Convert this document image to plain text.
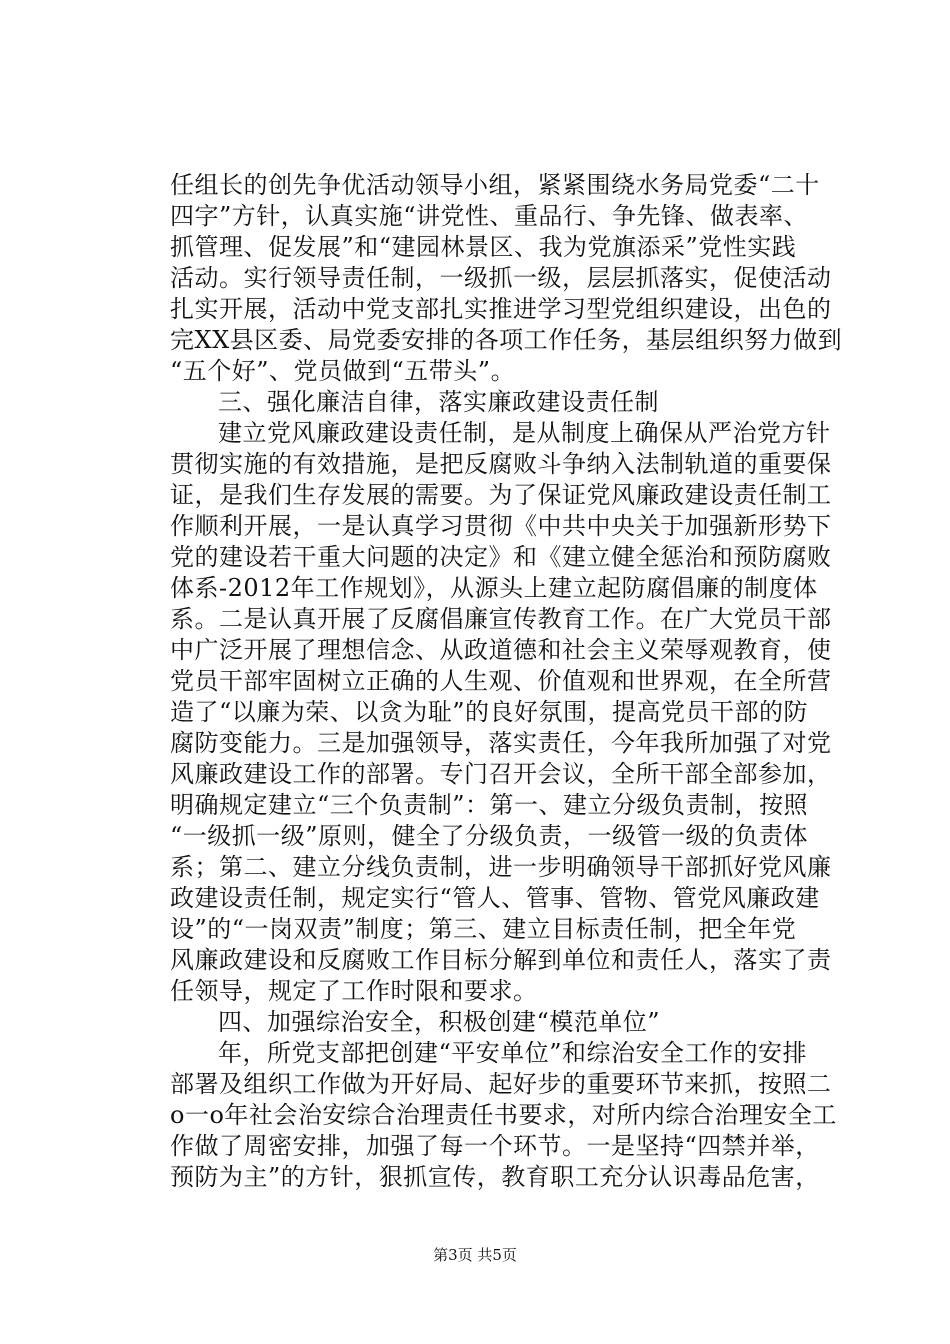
任组长的创先争优活动领导小组，紧紧围绕水务局党委“二十
四字”方针，认真实施“讲党性、重品行、争先锋、做表率、
抓管理、促发展”和“建园林景区、我为党旗添采”党性实践
活动。实行领导责任制，一级抓一级，层层抓落实，促使活动
扎实开展，活动中党支部扎实推进学习型党组织建设，出色的
完XX县区委、局党委安排的各项工作任务，基层组织努力做到
“五个好”、党员做到“五带头”。
三、强化廉洁自律，落实廉政建设责任制
建立党风廉政建设责任制，是从制度上确保从严治党方针
贯彻实施的有效措施，是把反腐败斗争纳入法制轨道的重要保
证，是我们生存发展的需要。为了保证党风廉政建设责任制工
作顺利开展，一是认真学习贯彻《中共中央关于加强新形势下
党的建设若干重大问题的决定》和《建立健全惩治和预防腐败
体系-2012年工作规划》，从源头上建立起防腐倡廉的制度体
系。二是认真开展了反腐倡廉宣传教育工作。在广大党员干部
中广泛开展了理想信念、从政道德和社会主义荣辱观教育，使
党员干部牢固树立正确的人生观、价值观和世界观，在全所营
造了“以廉为荣、以贪为耻”的良好氛围，提高党员干部的防
腐防变能力。三是加强领导，落实责任，今年我所加强了对党
风廉政建设工作的部署。专门召开会议，全所干部全部参加，
明确规定建立“三个负责制”：第一、建立分级负责制，按照
“一级抓一级”原则，健全了分级负责，一级管一级的负责体
系；第二、建立分线负责制，进一步明确领导干部抓好党风廉
政建设责任制，规定实行“管人、管事、管物、管党风廉政建
设”的“一岗双责”制度；第三、建立目标责任制，把全年党
风廉政建设和反腐败工作目标分解到单位和责任人，落实了责
任领导，规定了工作时限和要求。
四、加强综治安全，积极创建“模范单位”
年，所党支部把创建“平安单位”和综治安全工作的安排
部署及组织工作做为开好局、起好步的重要环节来抓，按照二
o一o年社会治安综合治理责任书要求，对所内综合治理安全工
作做了周密安排，加强了每一个环节。一是坚持“四禁并举，
预防为主”的方针，狠抓宣传，教育职工充分认识毒品危害，
第3页 共5页
